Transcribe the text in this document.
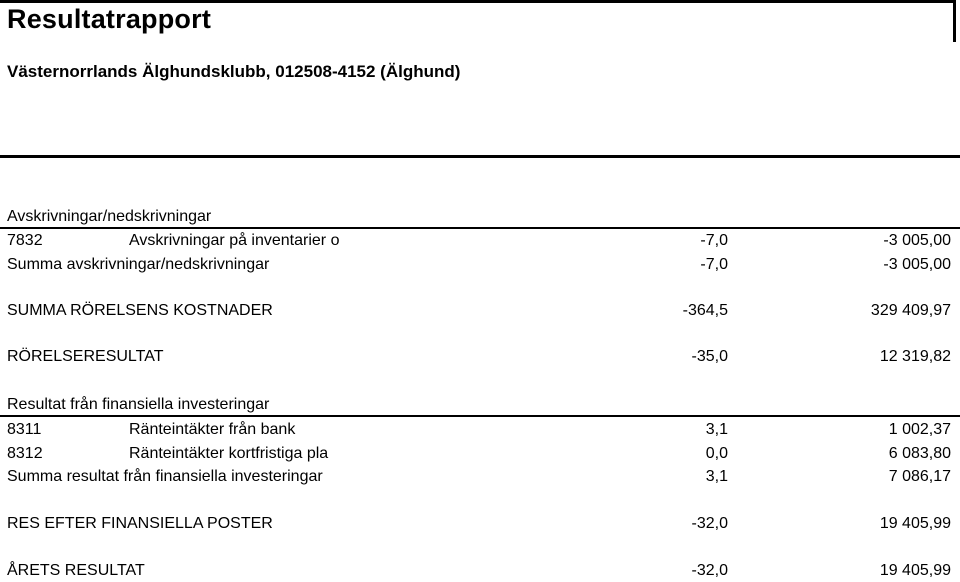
Resultatrapport
Västernorrlands Älghundsklubb, 012508-4152 (Älghund)
Avskrivningar/nedskrivningar
7832	Avskrivningar på inventarier o	-7,0	-3 005,00
Summa avskrivningar/nedskrivningar	-7,0	-3 005,00
SUMMA RÖRELSENS KOSTNADER	-364,5	329 409,97
RÖRELSERESULTAT	-35,0	12 319,82
Resultat från finansiella investeringar
8311	Ränteintäkter från bank	3,1	1 002,37
8312	Ränteintäkter kortfristiga pla	0,0	6 083,80
Summa resultat från finansiella investeringar	3,1	7 086,17
RES EFTER FINANSIELLA POSTER	-32,0	19 405,99
ÅRETS RESULTAT	-32,0	19 405,99
